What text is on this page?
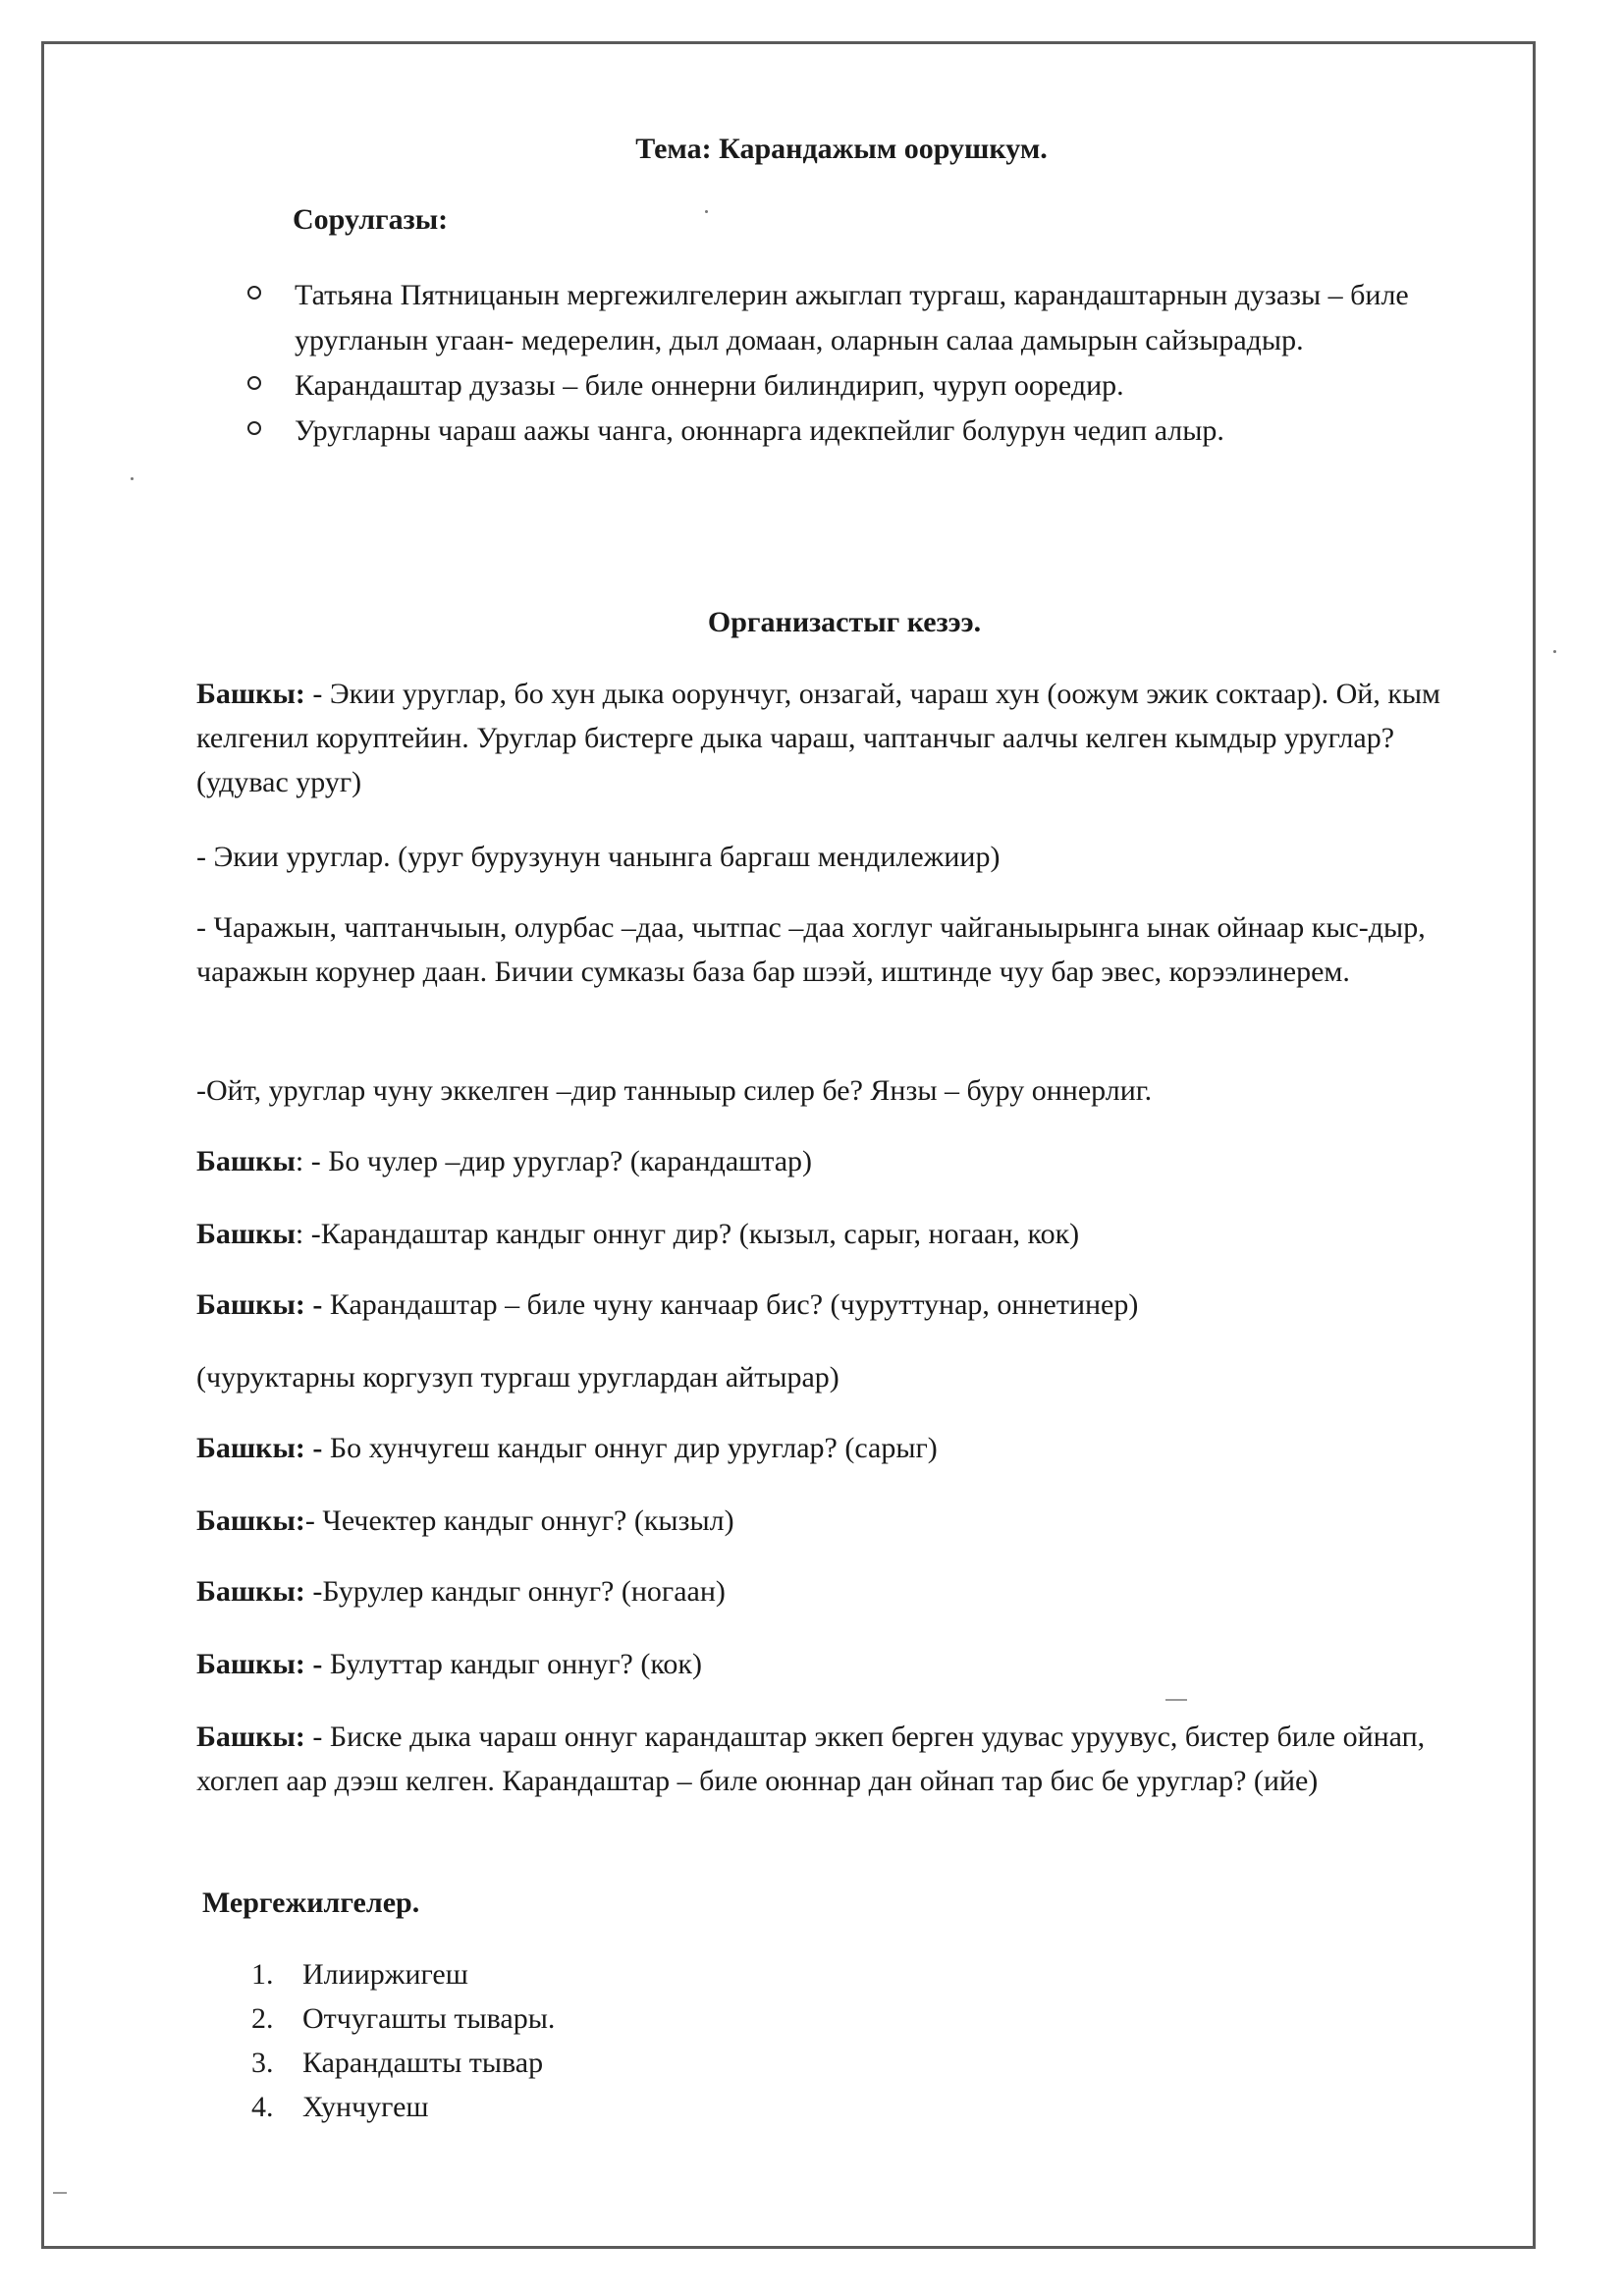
Тема: Карандажым оорушкум.
Сорулгазы:
Татьяна Пятницанын мергежилгелерин ажыглап тургаш, карандаштарнын дузазы – биле уругланын угаан- медерелин, дыл домаан, оларнын салаа дамырын сайзырадыр.
Карандаштар дузазы – биле оннерни билиндирип, чуруп ооредир.
Уругларны чараш аажы чанга, оюннарга идекпейлиг болурун чедип алыр.
Организастыг кезээ.

Башкы: - Экии уруглар, бо хун дыка оорунчуг, онзагай, чараш хун (оожум эжик соктаар). Ой, кым келгенил коруптейин. Уруглар бистерге дыка чараш, чаптанчыг аалчы келген кымдыр уруглар? (удувас уруг)

- Экии уруглар. (уруг бурузунун чанынга баргаш мендилежиир)

- Чаражын, чаптанчыын, олурбас –даа, чытпас –даа хоглуг чайганыырынга ынак ойнаар кыс-дыр, чаражын корунер даан. Бичии сумказы база бар шээй, иштинде чуу бар эвес, корээлинерем.

-Ойт, уруглар чуну эккелген –дир танныыр силер бе? Янзы – буру оннерлиг.

Башкы: - Бо чулер –дир уруглар? (карандаштар)

Башкы: -Карандаштар кандыг оннуг дир? (кызыл, сарыг, ногаан, кок)

Башкы: - Карандаштар – биле чуну канчаар бис? (чуруттунар, оннетинер)

(чуруктарны коргузуп тургаш уруглардан айтырар)

Башкы: - Бо хунчугеш кандыг оннуг дир уруглар? (сарыг)

Башкы:- Чечектер кандыг оннуг? (кызыл)

Башкы: -Бурулер кандыг оннуг? (ногаан)

Башкы: - Булуттар кандыг оннуг? (кок)

Башкы: - Биске дыка чараш оннуг карандаштар эккеп берген удувас уруувус, бистер биле ойнап, хоглеп аар дээш келген. Карандаштар – биле оюннар дан ойнап тар бис бе уруглар? (ийе)

Мергежилгелер.
1. Илииржигеш
2. Отчугашты тывары.
3. Карандашты тывар
4. Хунчугеш
